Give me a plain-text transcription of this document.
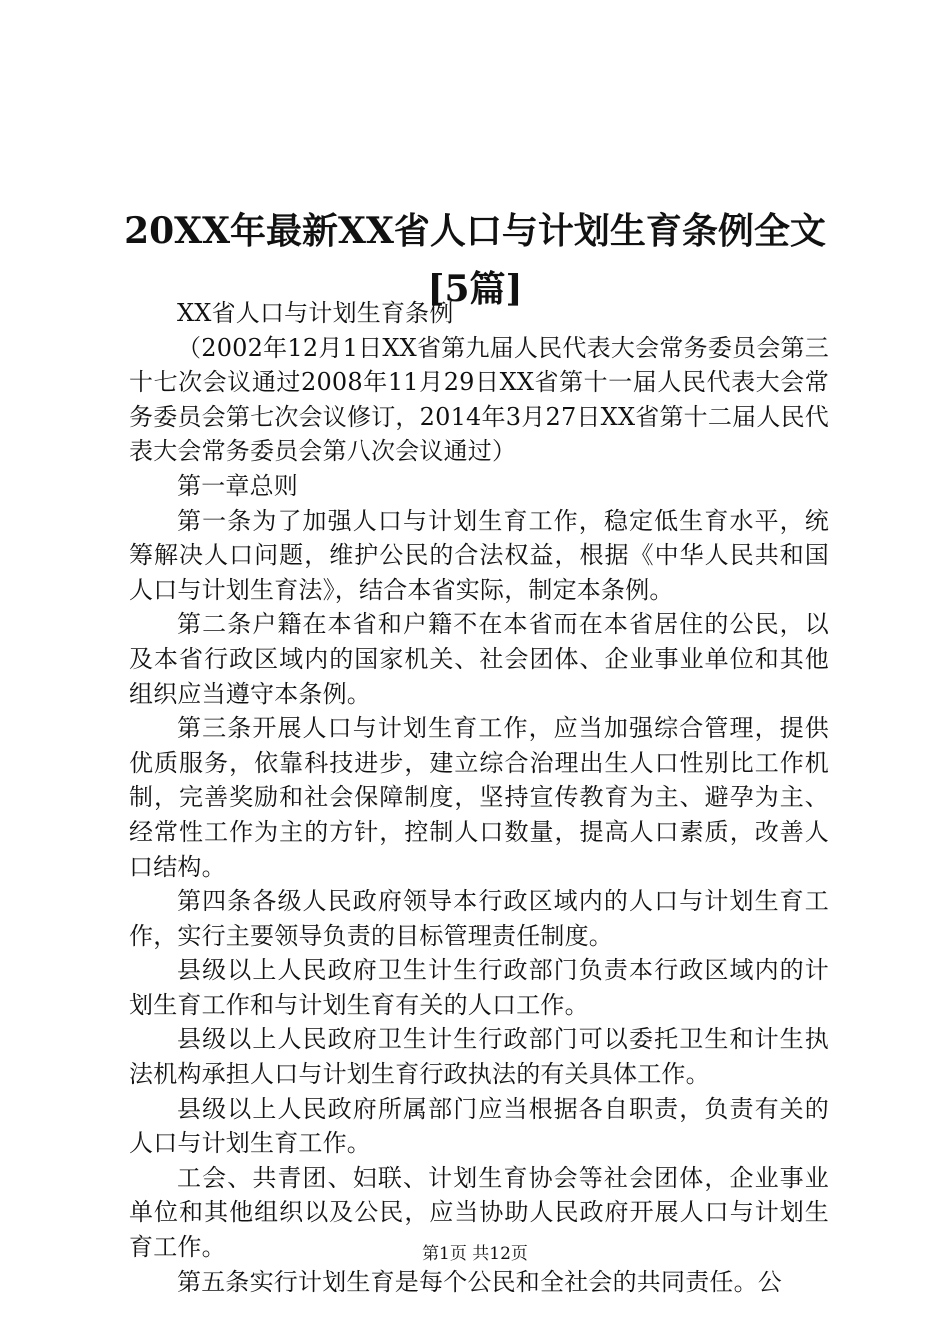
20XX年最新XX省人口与计划生育条例全文[5篇]

XX省人口与计划生育条例

（2002年12月1日XX省第九届人民代表大会常务委员会第三十七次会议通过2008年11月29日XX省第十一届人民代表大会常务委员会第七次会议修订，2014年3月27日XX省第十二届人民代表大会常务委员会第八次会议通过）

第一章总则

第一条为了加强人口与计划生育工作，稳定低生育水平，统筹解决人口问题，维护公民的合法权益，根据《中华人民共和国人口与计划生育法》，结合本省实际，制定本条例。

第二条户籍在本省和户籍不在本省而在本省居住的公民，以及本省行政区域内的国家机关、社会团体、企业事业单位和其他组织应当遵守本条例。

第三条开展人口与计划生育工作，应当加强综合管理，提供优质服务，依靠科技进步，建立综合治理出生人口性别比工作机制，完善奖励和社会保障制度，坚持宣传教育为主、避孕为主、经常性工作为主的方针，控制人口数量，提高人口素质，改善人口结构。

第四条各级人民政府领导本行政区域内的人口与计划生育工作，实行主要领导负责的目标管理责任制度。

县级以上人民政府卫生计生行政部门负责本行政区域内的计划生育工作和与计划生育有关的人口工作。

县级以上人民政府卫生计生行政部门可以委托卫生和计生执法机构承担人口与计划生育行政执法的有关具体工作。

县级以上人民政府所属部门应当根据各自职责，负责有关的人口与计划生育工作。

工会、共青团、妇联、计划生育协会等社会团体，企业事业单位和其他组织以及公民，应当协助人民政府开展人口与计划生育工作。

第五条实行计划生育是每个公民和全社会的共同责任。公

第1页 共12页
